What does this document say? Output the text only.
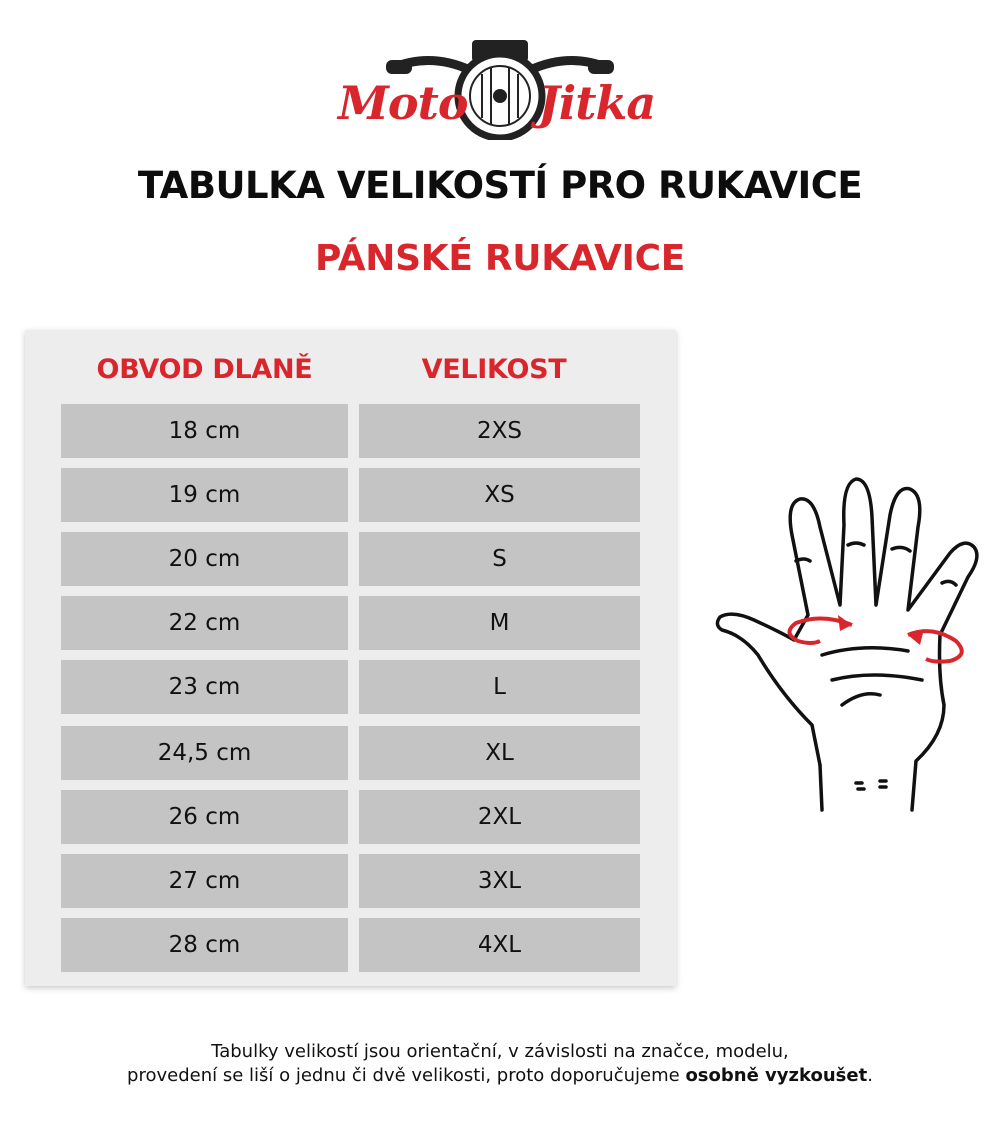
Moto Jitka
TABULKA VELIKOSTÍ PRO RUKAVICE
PÁNSKÉ RUKAVICE
OBVOD DLANĚ	VELIKOST
18 cm	2XS
19 cm	XS
20 cm	S
22 cm	M
23 cm	L
24,5 cm	XL
26 cm	2XL
27 cm	3XL
28 cm	4XL
Tabulky velikostí jsou orientační, v závislosti na značce, modelu,
provedení se liší o jednu či dvě velikosti, proto doporučujeme osobně vyzkoušet.
